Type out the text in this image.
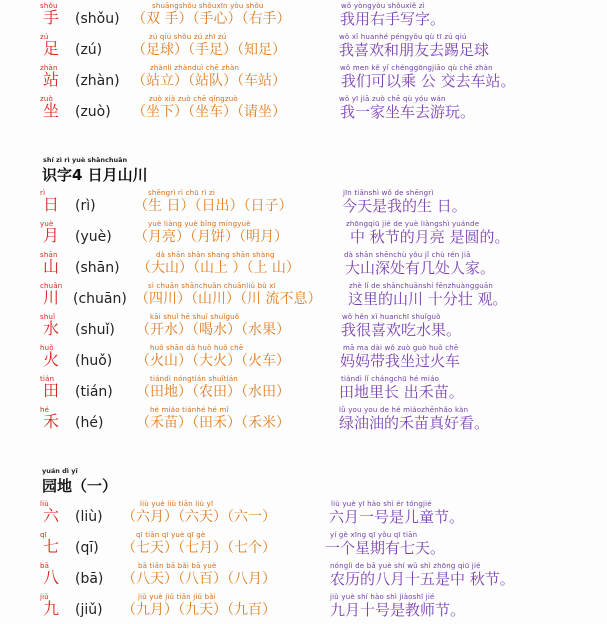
shǒu
手 (shǒu)
shuāngshǒu shǒuxīn yòu shǒu
（双 手）（手心）（右手）
wǒ yòngyòu shǒuxiě zì
我用右手写字。
zú
足 (zú)
zú qiú shǒu zú zhī zú
（足球）（手足）（知足）
wǒ xǐ huanhé péngyǒu qù tī zú qiú
我喜欢和朋友去踢足球
zhàn
站 (zhàn)
zhànlì zhànduì chē zhàn
（站立）（站队）（车站）
wǒ men kě yǐ chénggōngjiāo qù chē zhàn
我们可以乘 公 交去车站。
zuò
坐 (zuò)
zuò xià zuò chē qǐngzuò
（坐下）（坐车）（请坐）
wǒ yī jiā zuò chē qù yóu wán
我一家坐车去游玩。
shí zì rì yuè shānchuān
识字4 日月山川
rì
日 (rì)
shēngrì rì chū rì zi
（生 日）（日出）（日子）
jīn tiānshì wǒ de shēngrì
今天是我的生 日。
yuè
月 (yuè)
yuè liàng yuè bǐng míngyuè
（月亮）（月饼）（明月）
zhōngqiū jié de yuè liàngshì yuánde
中 秋节的月亮 是圆的。
shān
山 (shān)
dà shān shān shang shān shàng
（大山）（山上 ）（上 山）
dà shān shēnchù yǒu jǐ chù rén jiā
大山深处有几处人家。
chuān
川 (chuān)
sì chuān shānchuān chuānliú bù xī
（四川）（山川）（川 流不息）
zhè lǐ de shānchuānshí fēnzhuàngguān
这里的山川 十分壮 观。
shuǐ
水 (shuǐ)
kāi shuǐ hē shuǐ shuǐguǒ
（开水）（喝水）（水果）
wǒ hěn xǐ huanchī shuǐguǒ
我很喜欢吃水果。
huǒ
火 (huǒ)
huǒ shān dà huǒ huǒ chē
（火山）（大火）（火车）
mā ma dài wǒ zuò guò huǒ chē
妈妈带我坐过火车
tián
田 (tián)
tiándì nóngtián shuǐtián
（田地）（农田）（水田）
tiándì lǐ chángchū hé miáo
田地里长 出禾苗。
hé
禾 (hé)
hé miáo tiánhé hé mǐ
（禾苗）（田禾）（禾米）
lǜ you you de hé miáozhēnhǎo kàn
绿油油的禾苗真好看。
yuán dì yī
园地（一）
liù
六 (liù)
liù yuè liù tiān liù yī
（六月）（六天）（六一）
liù yuè yī hào shì ér tóngjié
六月一号是儿童节。
qī
七 (qī)
qī tiān qī yuè qī gè
（七天）（七月）（七个）
yí gè xīng qī yǒu qī tiān
一个星期有七天。
bā
八 (bā)
bā tiān bā bǎi bā yuè
（八天）（八百）（八月）
nónglì de bā yuè shí wǔ shì zhōng qiū jié
农历的八月十五是中 秋节。
jiǔ
九 (jiǔ)
jiǔ yuè jiǔ tiān jiǔ bǎi
（九月）（九天）（九百）
jiǔ yuè shí hào shì jiàoshī jié
九月十号是教师节。
